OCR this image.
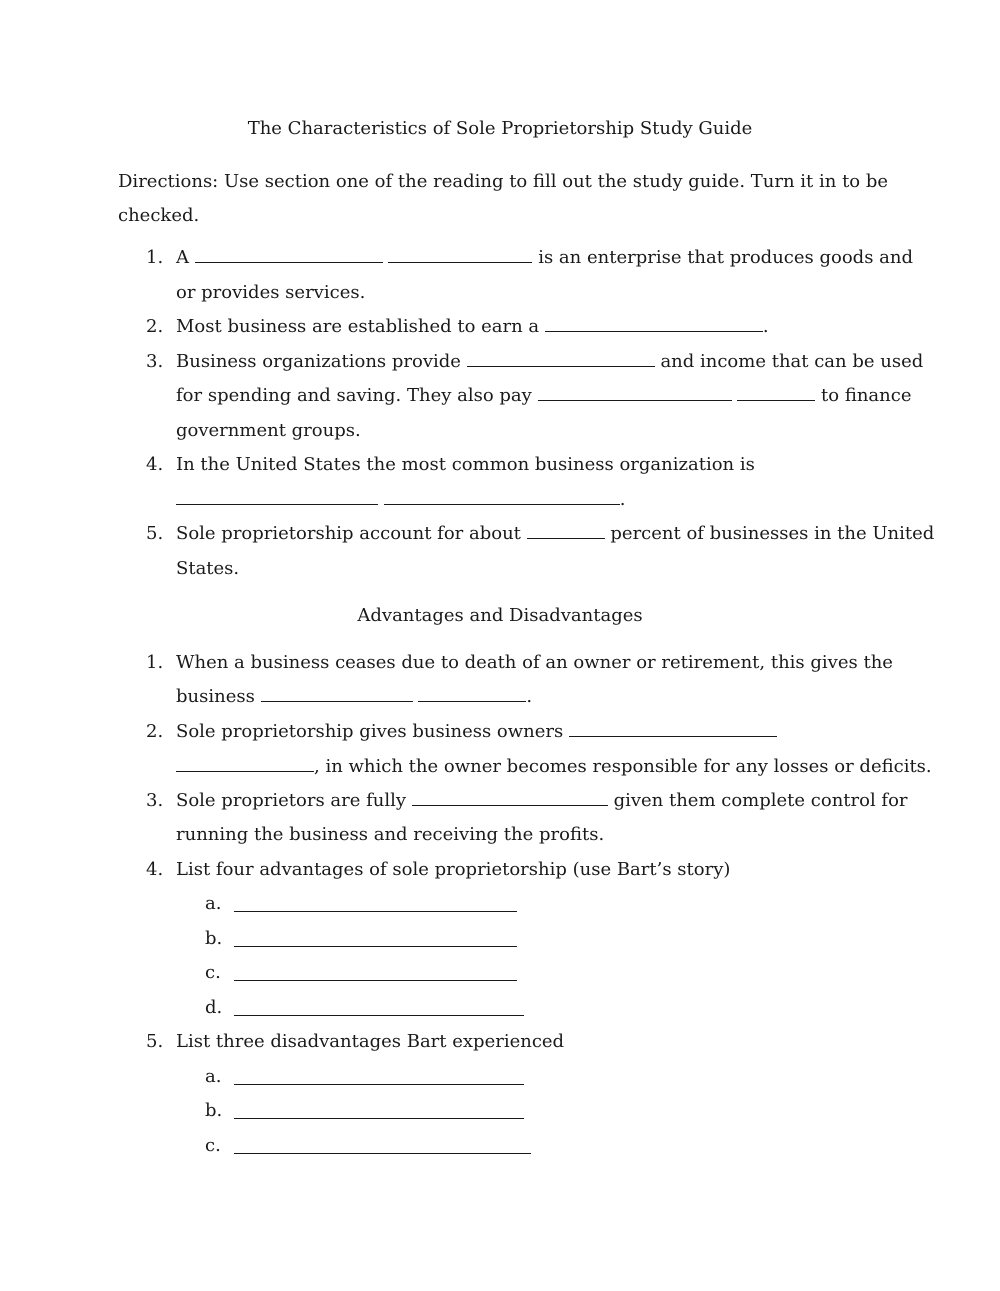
The Characteristics of Sole Proprietorship Study Guide
Directions: Use section one of the reading to fill out the study guide. Turn it in to be checked.
1. A	is an enterprise that produces goods and
or provides services.
2. Most business are established to earn a	.
3. Business organizations provide	and income that can be used
for spending and saving. They also pay	to finance
government groups.
4. In the United States the most common business organization is
.
5. Sole proprietorship account for about	percent of businesses in the United
States.
Advantages and Disadvantages
1. When a business ceases due to death of an owner or retirement, this gives the
business	.
2. Sole proprietorship gives business owners
, in which the owner becomes responsible for any losses or deficits.
3. Sole proprietors are fully	given them complete control for
running the business and receiving the profits.
4. List four advantages of sole proprietorship (use Bart’s story)
a.
b.
c.
d.
5. List three disadvantages Bart experienced
a.
b.
c.
